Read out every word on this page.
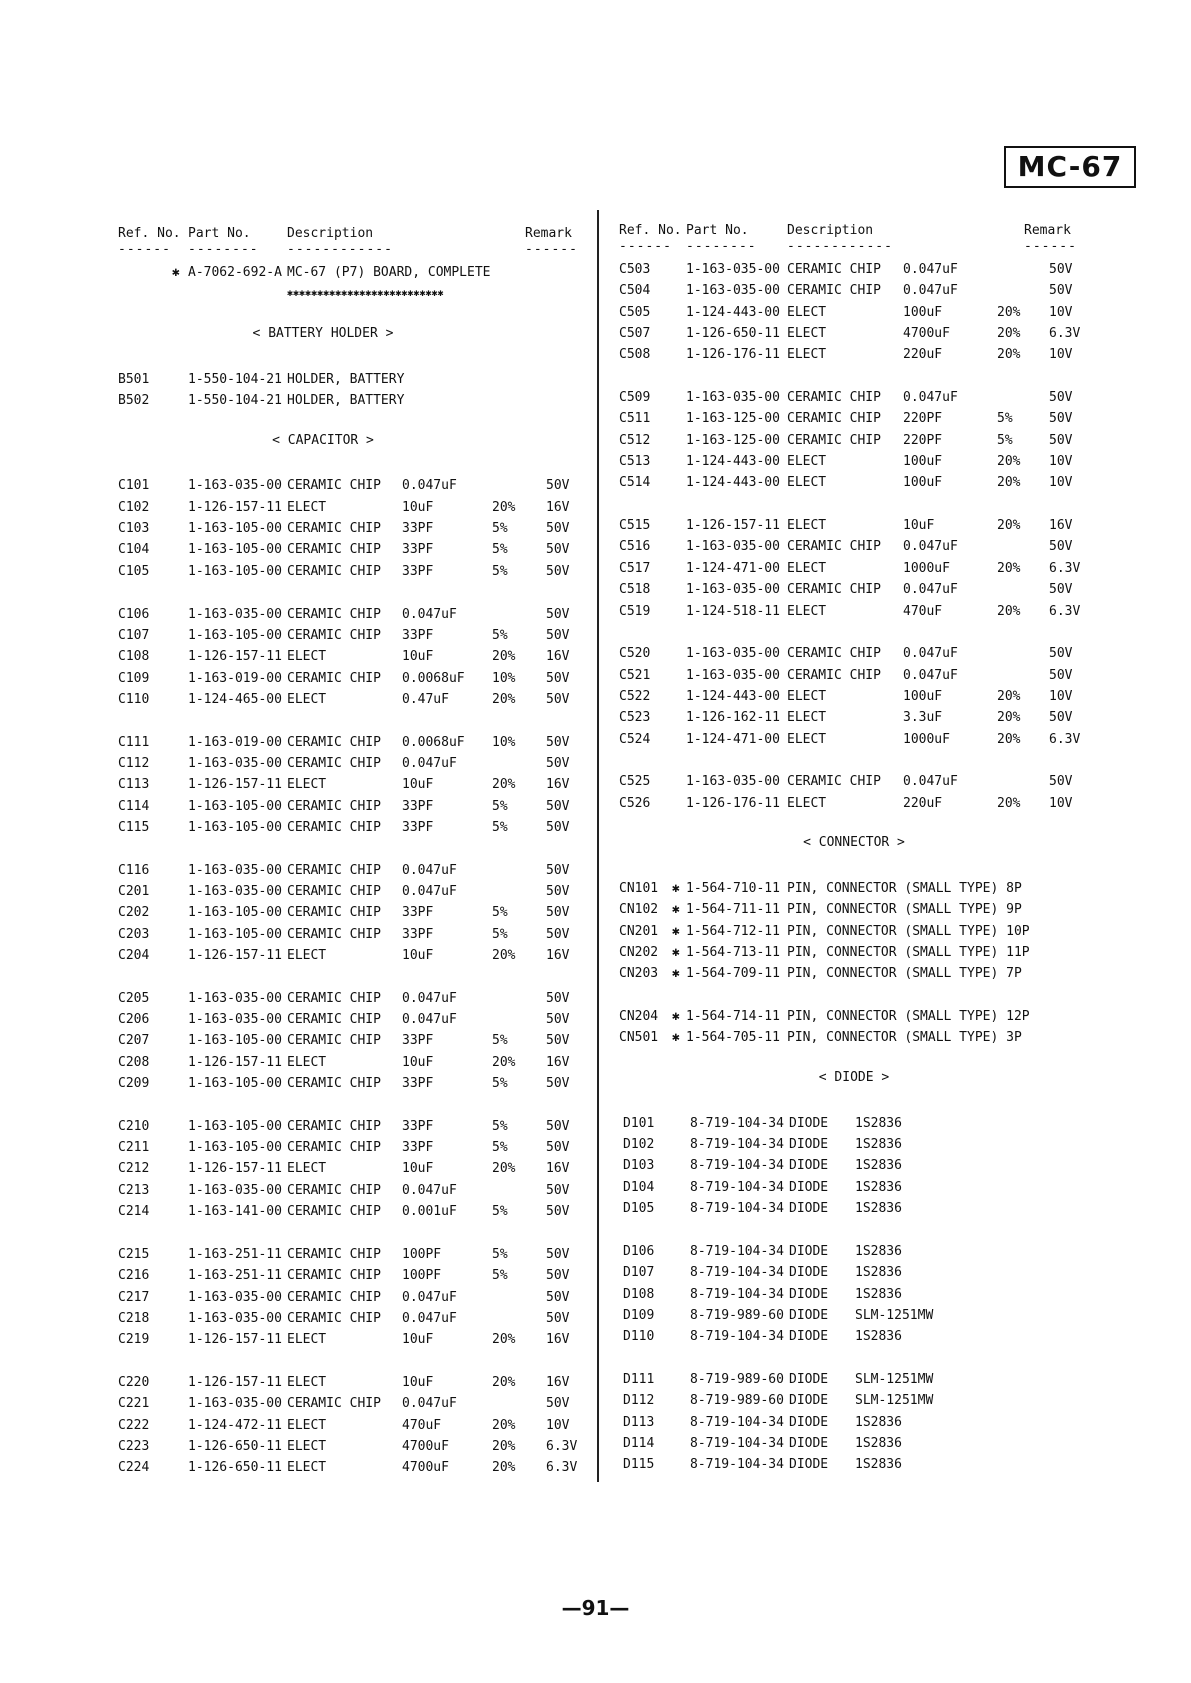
MC-67
Ref. No. Part No.	Description	Remark
------ -------- ------------	------
✱ A-7062-692-A MC-67 (P7) BOARD, COMPLETE
✱✱✱✱✱✱✱✱✱✱✱✱✱✱✱✱✱✱✱✱✱✱✱✱✱✱
< BATTERY HOLDER >
B501	1-550-104-21 HOLDER, BATTERY
B502	1-550-104-21 HOLDER, BATTERY
< CAPACITOR >
C101	1-163-035-00 CERAMIC CHIP 0.047uF	50V
C102	1-126-157-11 ELECT	10uF	20% 16V
C103	1-163-105-00 CERAMIC CHIP 33PF	5%	50V
C104	1-163-105-00 CERAMIC CHIP 33PF	5%	50V
C105	1-163-105-00 CERAMIC CHIP 33PF	5%	50V
C106	1-163-035-00 CERAMIC CHIP 0.047uF	50V
C107	1-163-105-00 CERAMIC CHIP 33PF	5%	50V
C108	1-126-157-11 ELECT	10uF	20% 16V
C109	1-163-019-00 CERAMIC CHIP 0.0068uF 10% 50V
C110	1-124-465-00 ELECT	0.47uF	20% 50V
C111	1-163-019-00 CERAMIC CHIP 0.0068uF 10% 50V
C112	1-163-035-00 CERAMIC CHIP 0.047uF	50V
C113	1-126-157-11 ELECT	10uF	20% 16V
C114	1-163-105-00 CERAMIC CHIP 33PF	5%	50V
C115	1-163-105-00 CERAMIC CHIP 33PF	5%	50V
C116	1-163-035-00 CERAMIC CHIP 0.047uF	50V
C201	1-163-035-00 CERAMIC CHIP 0.047uF	50V
C202	1-163-105-00 CERAMIC CHIP 33PF	5%	50V
C203	1-163-105-00 CERAMIC CHIP 33PF	5%	50V
C204	1-126-157-11 ELECT	10uF	20% 16V
C205	1-163-035-00 CERAMIC CHIP 0.047uF	50V
C206	1-163-035-00 CERAMIC CHIP 0.047uF	50V
C207	1-163-105-00 CERAMIC CHIP 33PF	5%	50V
C208	1-126-157-11 ELECT	10uF	20% 16V
C209	1-163-105-00 CERAMIC CHIP 33PF	5%	50V
C210	1-163-105-00 CERAMIC CHIP 33PF	5%	50V
C211	1-163-105-00 CERAMIC CHIP 33PF	5%	50V
C212	1-126-157-11 ELECT	10uF	20% 16V
C213	1-163-035-00 CERAMIC CHIP 0.047uF	50V
C214	1-163-141-00 CERAMIC CHIP 0.001uF	5%	50V
C215	1-163-251-11 CERAMIC CHIP 100PF	5%	50V
C216	1-163-251-11 CERAMIC CHIP 100PF	5%	50V
C217	1-163-035-00 CERAMIC CHIP 0.047uF	50V
C218	1-163-035-00 CERAMIC CHIP 0.047uF	50V
C219	1-126-157-11 ELECT	10uF	20% 16V
C220	1-126-157-11 ELECT	10uF	20% 16V
C221	1-163-035-00 CERAMIC CHIP 0.047uF	50V
C222	1-124-472-11 ELECT	470uF	20% 10V
C223	1-126-650-11 ELECT	4700uF	20% 6.3V
C224	1-126-650-11 ELECT	4700uF	20% 6.3V
Ref. No. Part No.	Description	Remark
------ -------- ------------	------
C503	1-163-035-00 CERAMIC CHIP 0.047uF	50V
C504	1-163-035-00 CERAMIC CHIP 0.047uF	50V
C505	1-124-443-00 ELECT	100uF	20% 10V
C507	1-126-650-11 ELECT	4700uF	20% 6.3V
C508	1-126-176-11 ELECT	220uF	20% 10V
C509	1-163-035-00 CERAMIC CHIP 0.047uF	50V
C511	1-163-125-00 CERAMIC CHIP 220PF	5%	50V
C512	1-163-125-00 CERAMIC CHIP 220PF	5%	50V
C513	1-124-443-00 ELECT	100uF	20% 10V
C514	1-124-443-00 ELECT	100uF	20% 10V
C515	1-126-157-11 ELECT	10uF	20% 16V
C516	1-163-035-00 CERAMIC CHIP 0.047uF	50V
C517	1-124-471-00 ELECT	1000uF	20% 6.3V
C518	1-163-035-00 CERAMIC CHIP 0.047uF	50V
C519	1-124-518-11 ELECT	470uF	20% 6.3V
C520	1-163-035-00 CERAMIC CHIP 0.047uF	50V
C521	1-163-035-00 CERAMIC CHIP 0.047uF	50V
C522	1-124-443-00 ELECT	100uF	20% 10V
C523	1-126-162-11 ELECT	3.3uF	20% 50V
C524	1-124-471-00 ELECT	1000uF	20% 6.3V
C525	1-163-035-00 CERAMIC CHIP 0.047uF	50V
C526	1-126-176-11 ELECT	220uF	20% 10V
< CONNECTOR >
CN101 ✱ 1-564-710-11 PIN, CONNECTOR (SMALL TYPE) 8P
CN102 ✱ 1-564-711-11 PIN, CONNECTOR (SMALL TYPE) 9P
CN201 ✱ 1-564-712-11 PIN, CONNECTOR (SMALL TYPE) 10P
CN202 ✱ 1-564-713-11 PIN, CONNECTOR (SMALL TYPE) 11P
CN203 ✱ 1-564-709-11 PIN, CONNECTOR (SMALL TYPE) 7P
CN204 ✱ 1-564-714-11 PIN, CONNECTOR (SMALL TYPE) 12P
CN501 ✱ 1-564-705-11 PIN, CONNECTOR (SMALL TYPE) 3P
< DIODE >
D101	8-719-104-34 DIODE 1S2836
D102	8-719-104-34 DIODE 1S2836
D103	8-719-104-34 DIODE 1S2836
D104	8-719-104-34 DIODE 1S2836
D105	8-719-104-34 DIODE 1S2836
D106	8-719-104-34 DIODE 1S2836
D107	8-719-104-34 DIODE 1S2836
D108	8-719-104-34 DIODE 1S2836
D109	8-719-989-60 DIODE SLM-1251MW
D110	8-719-104-34 DIODE 1S2836
D111	8-719-989-60 DIODE SLM-1251MW
D112	8-719-989-60 DIODE SLM-1251MW
D113	8-719-104-34 DIODE 1S2836
D114	8-719-104-34 DIODE 1S2836
D115	8-719-104-34 DIODE 1S2836
—91—
